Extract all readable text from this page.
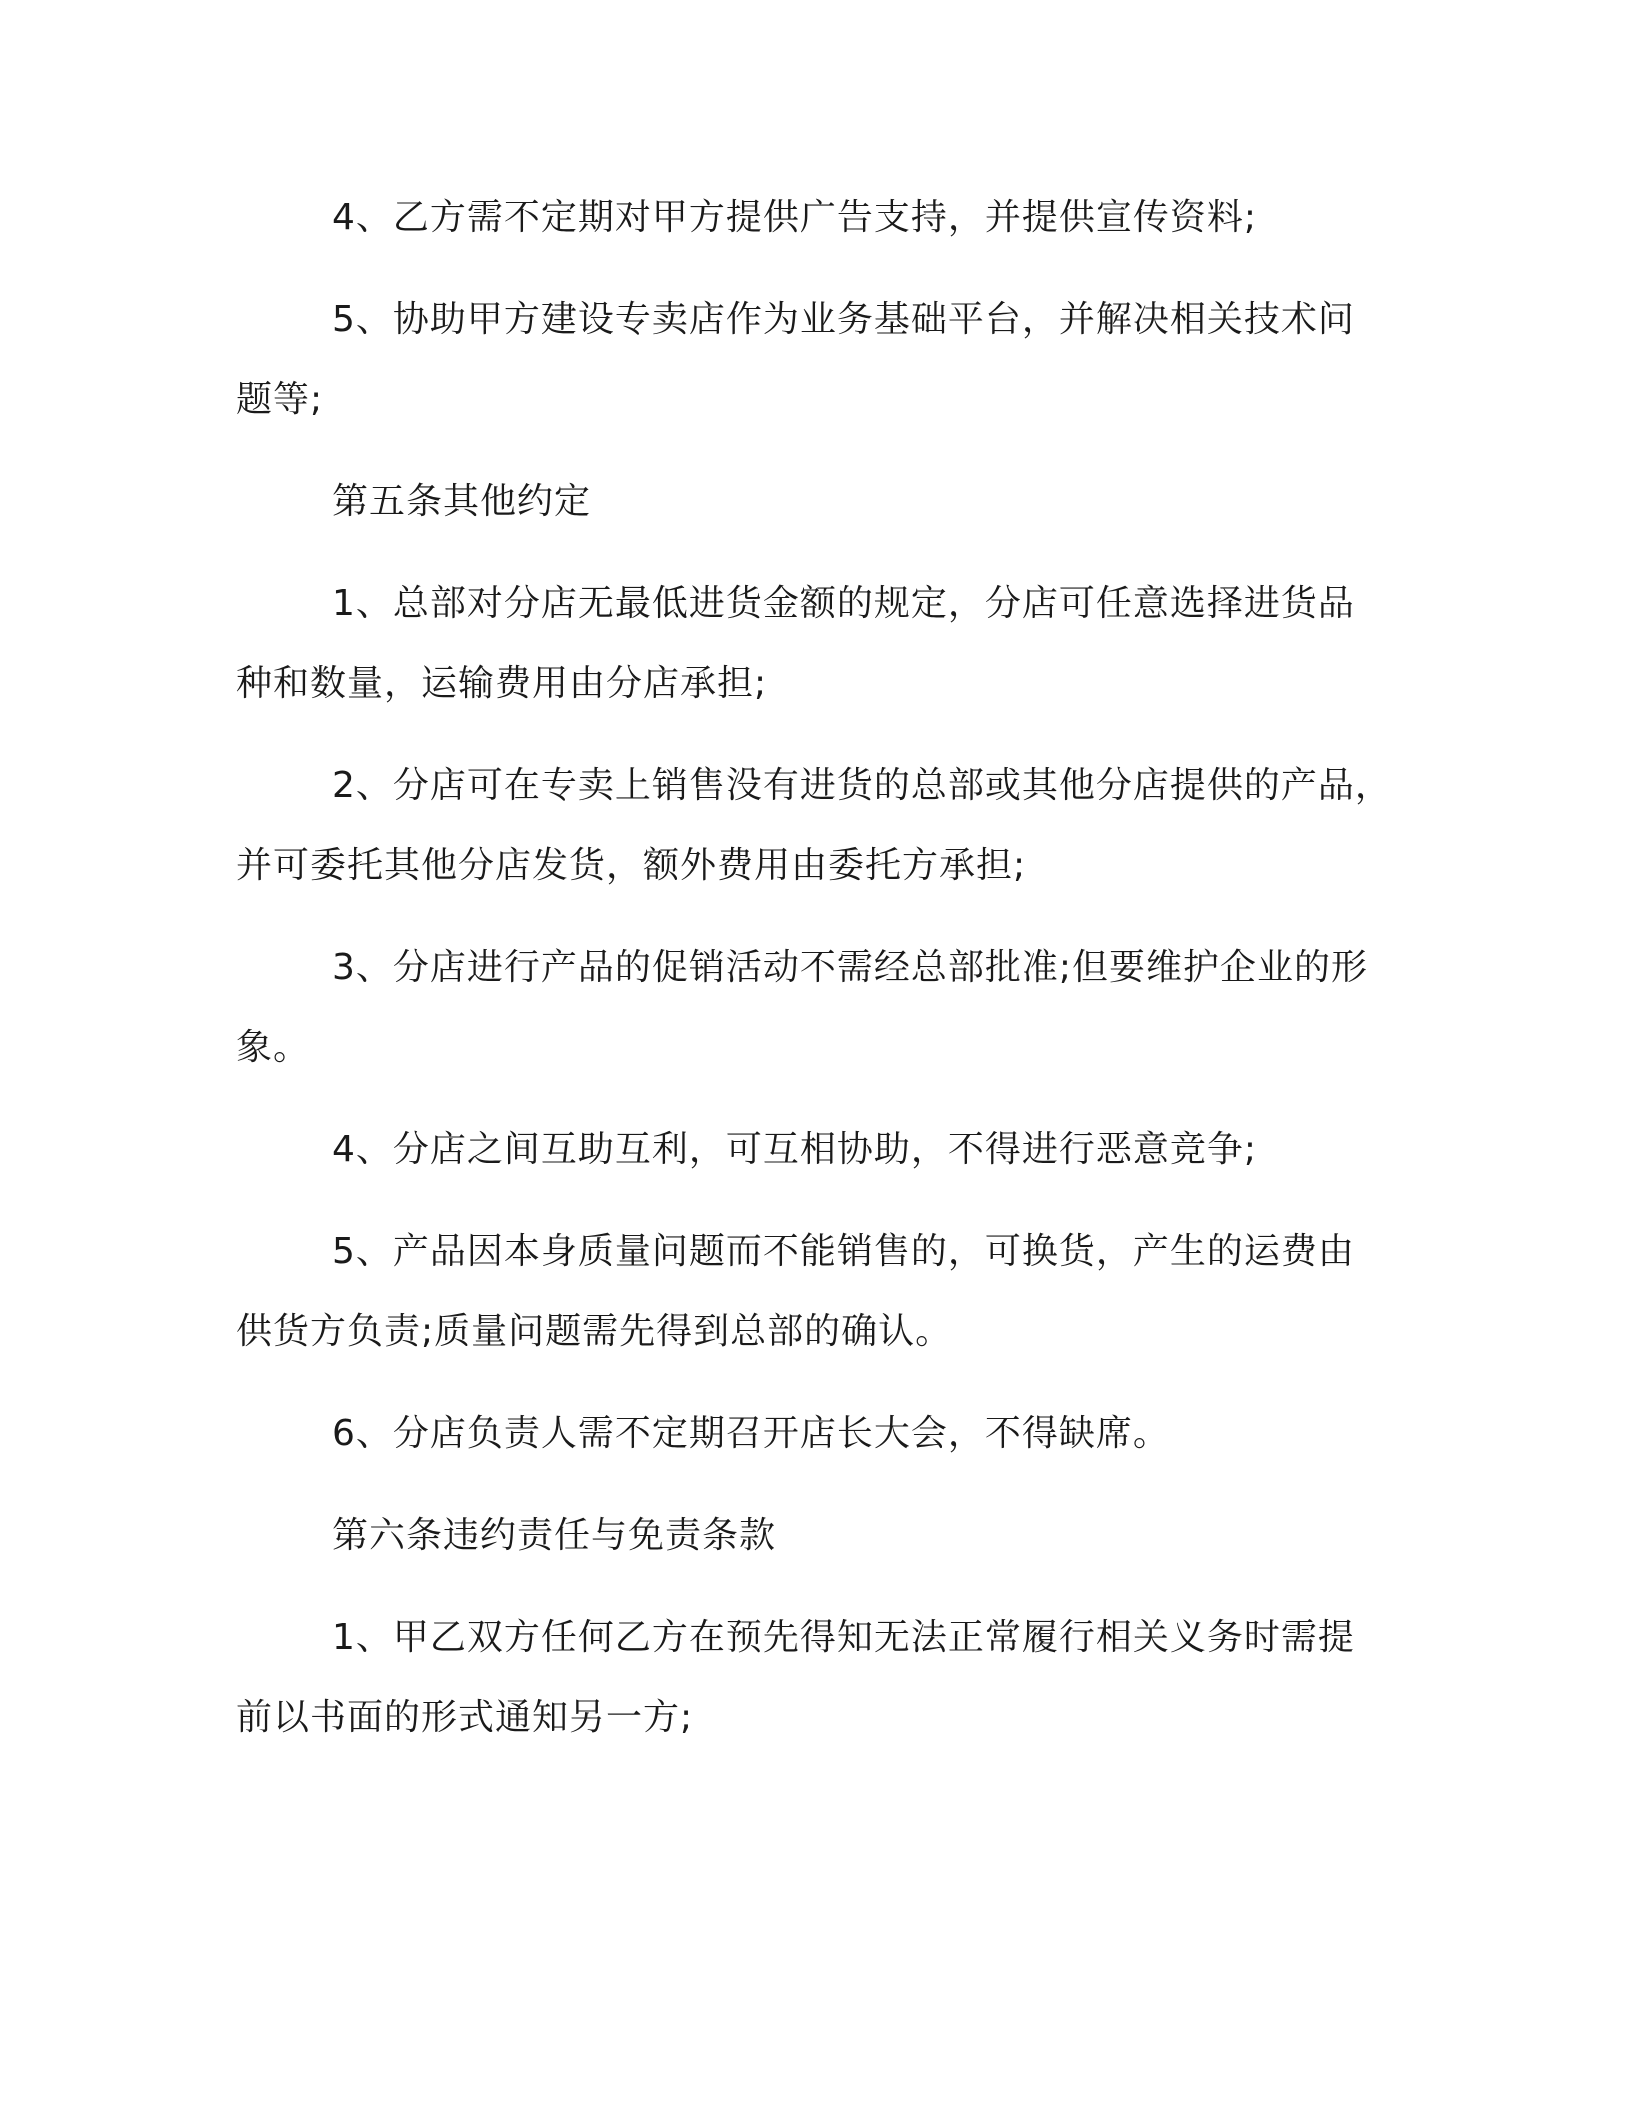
4、乙方需不定期对甲方提供广告支持，并提供宣传资料;

5、协助甲方建设专卖店作为业务基础平台，并解决相关技术问
题等;

第五条其他约定

1、总部对分店无最低进货金额的规定，分店可任意选择进货品
种和数量，运输费用由分店承担;

2、分店可在专卖上销售没有进货的总部或其他分店提供的产品，
并可委托其他分店发货，额外费用由委托方承担;

3、分店进行产品的促销活动不需经总部批准;但要维护企业的形
象。

4、分店之间互助互利，可互相协助，不得进行恶意竞争;

5、产品因本身质量问题而不能销售的，可换货，产生的运费由
供货方负责;质量问题需先得到总部的确认。

6、分店负责人需不定期召开店长大会，不得缺席。

第六条违约责任与免责条款

1、甲乙双方任何乙方在预先得知无法正常履行相关义务时需提
前以书面的形式通知另一方;
